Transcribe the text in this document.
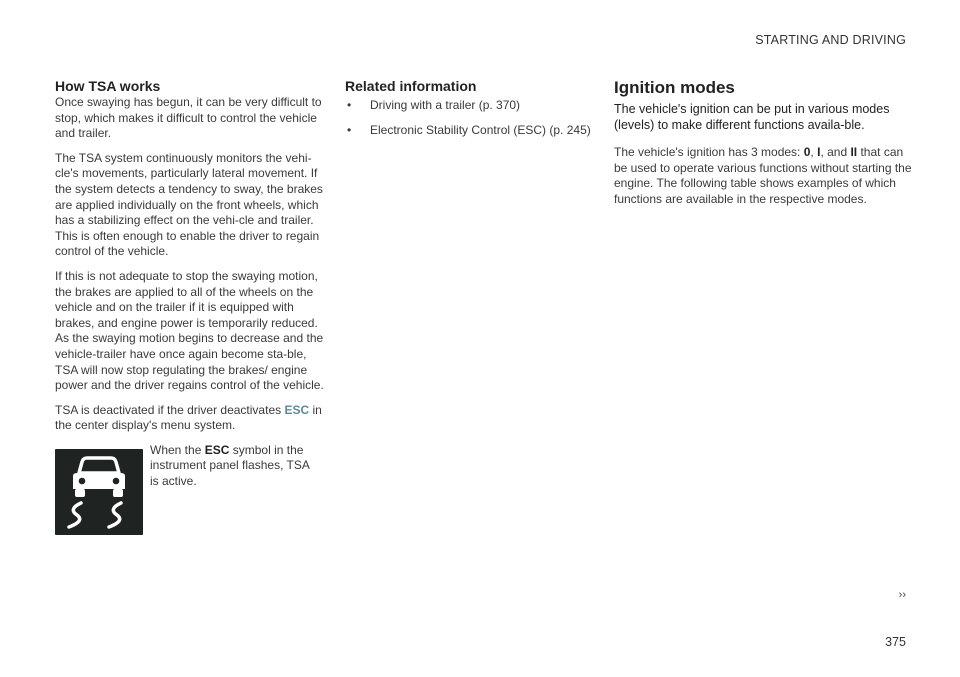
STARTING AND DRIVING
How TSA works

Once swaying has begun, it can be very difficult to stop, which makes it difficult to control the vehicle and trailer.

The TSA system continuously monitors the vehi-cle's movements, particularly lateral movement. If the system detects a tendency to sway, the brakes are applied individually on the front wheels, which has a stabilizing effect on the vehi-cle and trailer. This is often enough to enable the driver to regain control of the vehicle.

If this is not adequate to stop the swaying motion, the brakes are applied to all of the wheels on the vehicle and on the trailer if it is equipped with brakes, and engine power is temporarily reduced. As the swaying motion begins to decrease and the vehicle-trailer have once again become sta-ble, TSA will now stop regulating the brakes/ engine power and the driver regains control of the vehicle.

TSA is deactivated if the driver deactivates ESC in the center display's menu system.

When the ESC symbol in the instrument panel flashes, TSA is active.
Related information
• Driving with a trailer (p. 370)
• Electronic Stability Control (ESC) (p. 245)
Ignition modes

The vehicle's ignition can be put in various modes (levels) to make different functions availa-ble.

The vehicle's ignition has 3 modes: 0, I, and II that can be used to operate various functions without starting the engine. The following table shows examples of which functions are available in the respective modes.

››
375
